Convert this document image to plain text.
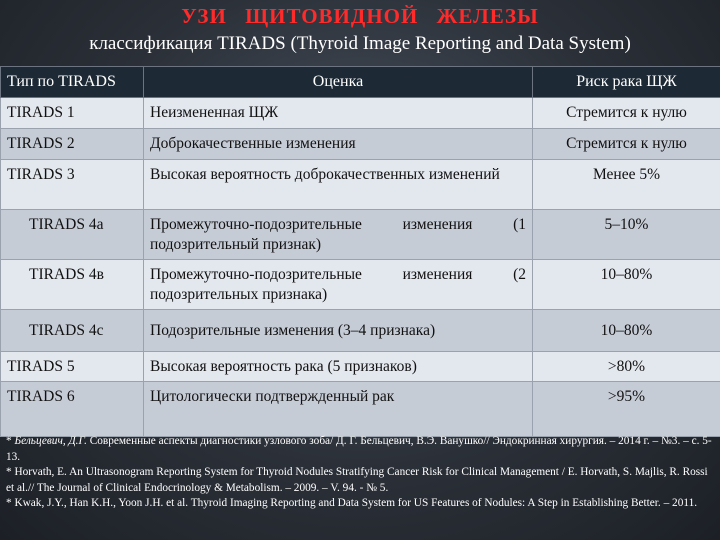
УЗИ ЩИТОВИДНОЙ ЖЕЛЕЗЫ
классификация TIRADS (Thyroid Image Reporting and Data System)
Тип по TIRADS	Оценка	Риск рака ЩЖ
TIRADS 1	Неизмененная ЩЖ	Стремится к нулю
TIRADS 2	Доброкачественные изменения	Стремится к нулю
TIRADS 3	Высокая вероятность доброкачественных изменений	Менее 5%
TIRADS 4a	Промежуточно-подозрительные изменения (1 подозрительный признак)	5–10%
TIRADS 4в	Промежуточно-подозрительные изменения (2 подозрительных признака)	10–80%
TIRADS 4c	Подозрительные изменения (3–4 признака)	10–80%
TIRADS 5	Высокая вероятность рака (5 признаков)	>80%
TIRADS 6	Цитологически подтвержденный рак	>95%

* Бельцевич, Д.Г. Современные аспекты диагностики узлового зоба/ Д. Г. Бельцевич, В.Э. Ванушко// Эндокринная хирургия. – 2014 г. – №3. – с. 5-13.

* Horvath, E. An Ultrasonogram Reporting System for Thyroid Nodules Stratifying Cancer Risk for Clinical Management / E. Horvath, S. Majlis, R. Rossi et al.// The Journal of Clinical Endocrinology & Metabolism. – 2009. – V. 94. - № 5.

* Kwak, J.Y., Han K.H., Yoon J.H. et al. Thyroid Imaging Reporting and Data System for US Features of Nodules: A Step in Establishing Better. – 2011.
